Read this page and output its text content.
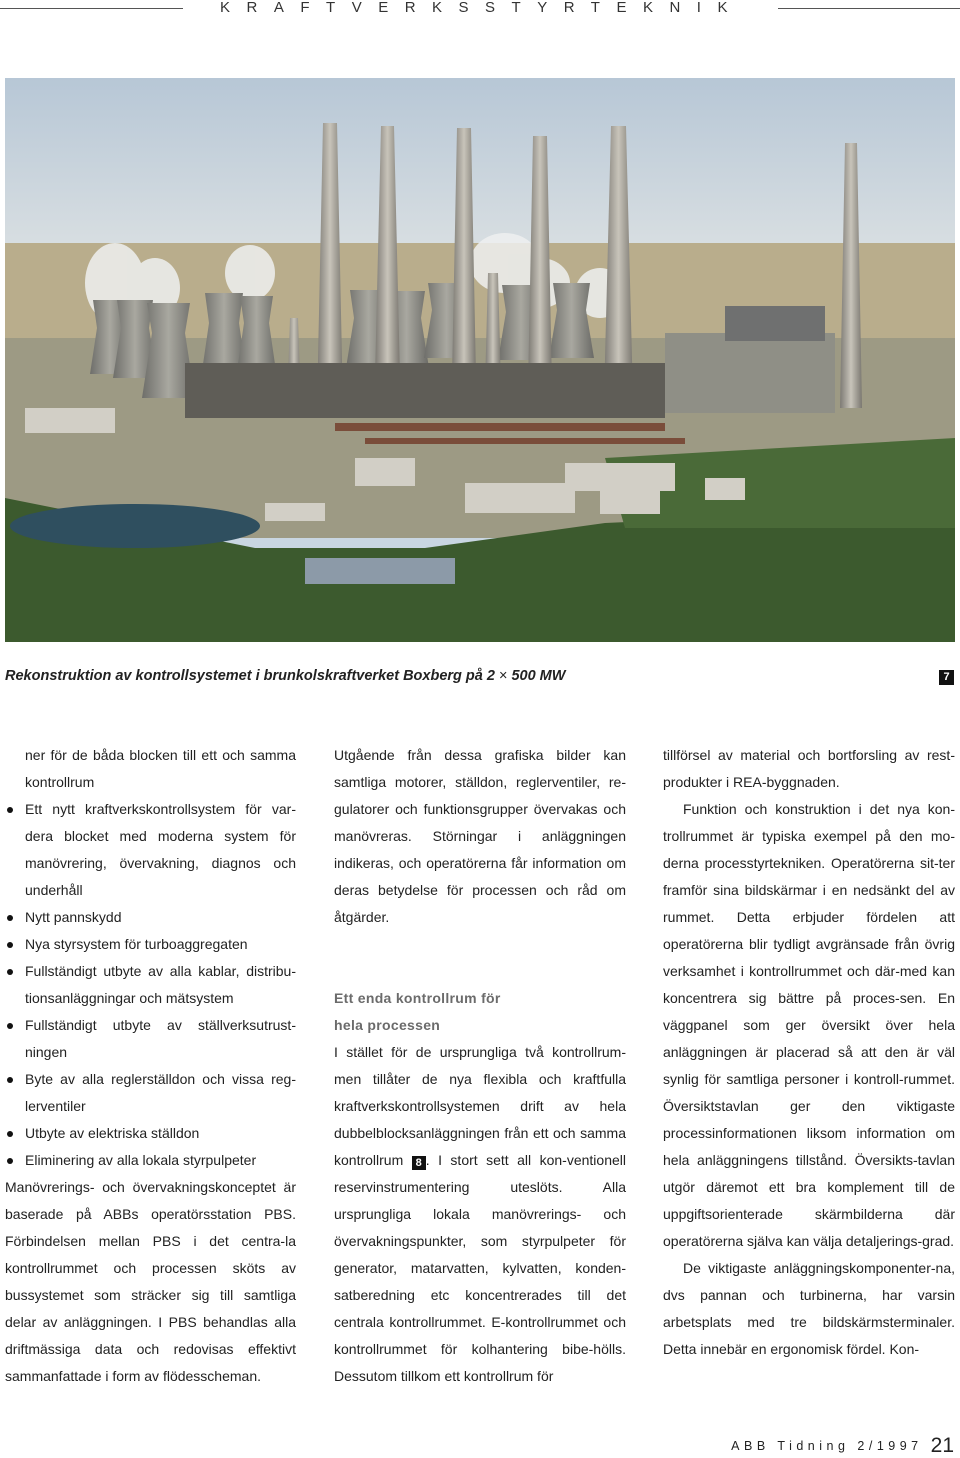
KRAFTVERKSSTYRTEKNIK
Rekonstruktion av kontrollsystemet i brunkolskraftverket Boxberg på 2 × 500 MW	7

ner för de båda blocken till ett och samma kontrollrum

Ett nytt kraftverkskontrollsystem för var-dera blocket med moderna system för manövrering, övervakning, diagnos och underhåll

Nytt pannskydd

Nya styrsystem för turboaggregaten

Fullständigt utbyte av alla kablar, distribu-tionsanläggningar och mätsystem

Fullständigt utbyte av ställverksutrust-ningen

Byte av alla reglerställdon och vissa reg-lerventiler

Utbyte av elektriska ställdon

Eliminering av alla lokala styrpulpeter

Manövrerings- och övervakningskonceptet är baserade på ABBs operatörsstation PBS. Förbindelsen mellan PBS i det centra-la kontrollrummet och processen sköts av bussystemet som sträcker sig till samtliga delar av anläggningen. I PBS behandlas alla driftmässiga data och redovisas effektivt sammanfattade i form av flödesscheman.

Utgående från dessa grafiska bilder kan samtliga motorer, ställdon, reglerventiler, re-gulatorer och funktionsgrupper övervakas och manövreras. Störningar i anläggningen indikeras, och operatörerna får information om deras betydelse för processen och råd om åtgärder.

Ett enda kontrollrum för

hela processen

I stället för de ursprungliga två kontrollrum-men tillåter de nya flexibla och kraftfulla kraftverkskontrollsystemen drift av hela dubbelblocksanläggningen från ett och samma kontrollrum 8 . I stort sett all kon-ventionell reservinstrumentering uteslöts. Alla ursprungliga lokala manövrerings- och övervakningspunkter, som styrpulpeter för generator, matarvatten, kylvatten, konden-satberedning etc koncentrerades till det centrala kontrollrummet. E-kontrollrummet och kontrollrummet för kolhantering bibe-hölls. Dessutom tillkom ett kontrollrum för

tillförsel av material och bortforsling av rest-produkter i REA-byggnaden.

Funktion och konstruktion i det nya kon-trollrummet är typiska exempel på den mo-derna processtyrtekniken. Operatörerna sit-ter framför sina bildskärmar i en nedsänkt del av rummet. Detta erbjuder fördelen att operatörerna blir tydligt avgränsade från övrig verksamhet i kontrollrummet och där-med kan koncentrera sig bättre på proces-sen. En väggpanel som ger översikt över hela anläggningen är placerad så att den är väl synlig för samtliga personer i kontroll-rummet. Översiktstavlan ger den viktigaste processinformationen liksom information om hela anläggningens tillstånd. Översikts-tavlan utgör däremot ett bra komplement till de uppgiftsorienterade skärmbilderna där operatörerna själva kan välja detaljerings-grad.

De viktigaste anläggningskomponenter-na, dvs pannan och turbinerna, har varsin arbetsplats med tre bildskärmsterminaler. Detta innebär en ergonomisk fördel. Kon-

ABB Tidning 2/1997 21
